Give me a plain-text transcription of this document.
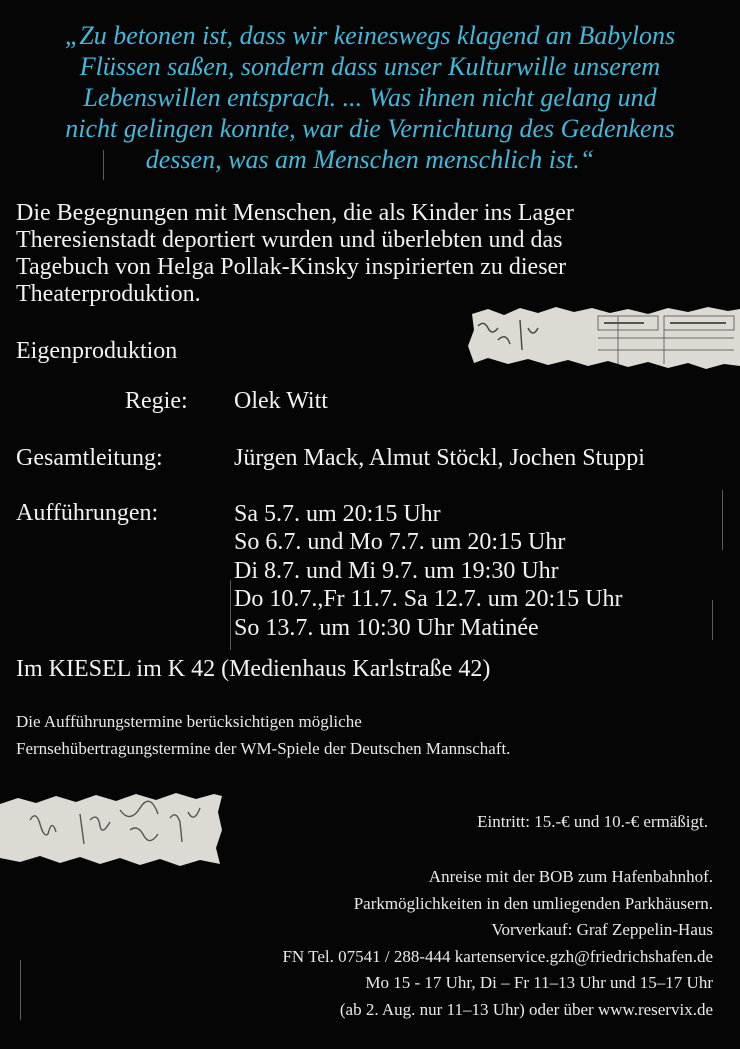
„Zu betonen ist, dass wir keineswegs klagend an Babylons
Flüssen saßen, sondern dass unser Kulturwille unserem
Lebenswillen entsprach. ... Was ihnen nicht gelang und
nicht gelingen konnte, war die Vernichtung des Gedenkens
dessen, was am Menschen menschlich ist.“
Die Begegnungen mit Menschen, die als Kinder ins Lager
Theresienstadt deportiert wurden und überlebten und das
Tagebuch von Helga Pollak-Kinsky inspirierten zu dieser
Theaterproduktion.
Eigenproduktion
Regie: Olek Witt
Gesamtleitung:	Jürgen Mack, Almut Stöckl, Jochen Stuppi
Aufführungen:	Sa 5.7. um 20:15 Uhr
So 6.7. und Mo 7.7. um 20:15 Uhr
Di 8.7. und Mi 9.7. um 19:30 Uhr
Do 10.7.,Fr 11.7. Sa 12.7. um 20:15 Uhr
So 13.7. um 10:30 Uhr Matinée
Im KIESEL im K 42 (Medienhaus Karlstraße 42)
Die Aufführungstermine berücksichtigen mögliche
Fernsehübertragungstermine der WM-Spiele der Deutschen Mannschaft.
Eintritt: 15.-€ und 10.-€ ermäßigt.
Anreise mit der BOB zum Hafenbahnhof.
Parkmöglichkeiten in den umliegenden Parkhäusern.
Vorverkauf: Graf Zeppelin-Haus
FN Tel. 07541 / 288-444 kartenservice.gzh@friedrichshafen.de
Mo 15 - 17 Uhr, Di – Fr 11–13 Uhr und 15–17 Uhr
(ab 2. Aug. nur 11–13 Uhr) oder über www.reservix.de
